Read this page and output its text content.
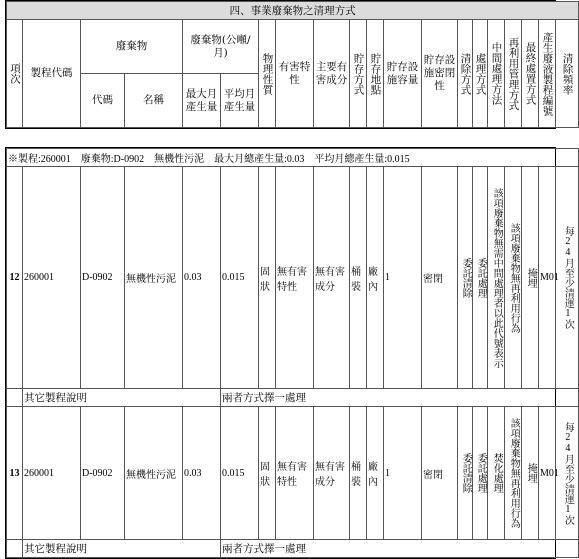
四、事業廢棄物之清理方式																			

項次	製程代碼	廢棄物		廢棄物(公噸/月)		物理性質	有害特性	主要有害成分	貯存方式	貯存地點	貯存設施容量	貯存設施密閉性	清除方式	處理方式	中間處理方法	再利用管理方式	最終處置方式	產生廢液製程編號	清除頻率

		代碼	名稱	最大月產生量	平均月產生量														
※製程:260001　廢棄物:D-0902　無機性污泥　最大月總產生量:0.03　平均月總產生量:0.015																			
12	260001	D-0902	無機性污泥	0.03	0.015	固狀	無有害特性	無有害成分	桶裝	廠內	1	密閉	委託清除	委託處理	該項廢棄物無需中間處理者以此代號表示	該項廢棄物無再利用行為	掩埋	M01	每24月至少清運1次

	其它製程說明				兩者方式擇一處理														
13	260001	D-0902	無機性污泥	0.03	0.015	固狀	無有害特性	無有害成分	桶裝	廠內	1	密閉	委託清除	委託處理	焚化處理	該項廢棄物無再利用行為	掩埋	M01	每24月至少清運1次

	其它製程說明				兩者方式擇一處理														
